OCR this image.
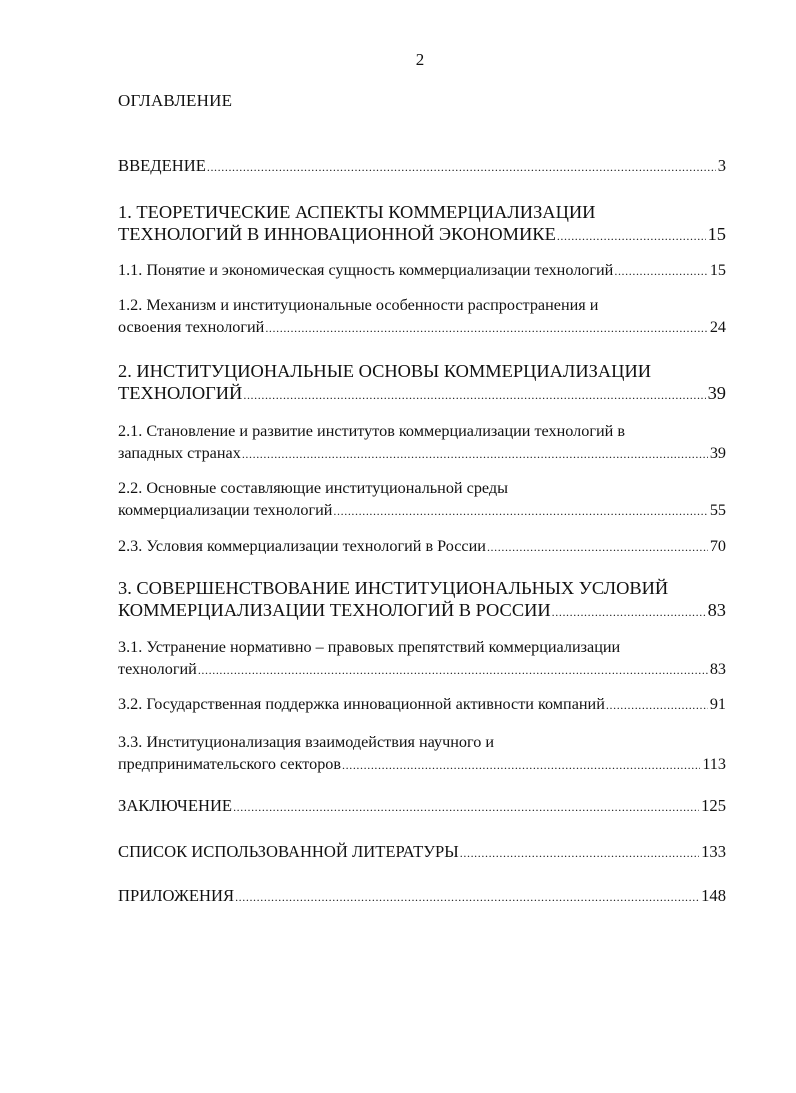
2
ОГЛАВЛЕНИЕ
ВВЕДЕНИЕ .....	3
1. ТЕОРЕТИЧЕСКИЕ АСПЕКТЫ КОММЕРЦИАЛИЗАЦИИ
ТЕХНОЛОГИЙ В ИННОВАЦИОННОЙ ЭКОНОМИКЕ .....	15
1.1. Понятие и экономическая сущность коммерциализации технологий .....	15
1.2. Механизм и институциональные особенности распространения и
освоения технологий .....	24
2. ИНСТИТУЦИОНАЛЬНЫЕ ОСНОВЫ КОММЕРЦИАЛИЗАЦИИ
ТЕХНОЛОГИЙ .....	39
2.1. Становление и развитие институтов коммерциализации технологий в
западных странах .....	39
2.2. Основные составляющие институциональной среды
коммерциализации технологий .....	55
2.3. Условия коммерциализации технологий в России .....	70
3. СОВЕРШЕНСТВОВАНИЕ ИНСТИТУЦИОНАЛЬНЫХ УСЛОВИЙ
КОММЕРЦИАЛИЗАЦИИ ТЕХНОЛОГИЙ В РОССИИ .....	83
3.1. Устранение нормативно – правовых препятствий коммерциализации
технологий .....	83
3.2. Государственная поддержка инновационной активности компаний .....	91
3.3. Институционализация взаимодействия научного и
предпринимательского секторов .....	113
ЗАКЛЮЧЕНИЕ .....	125
СПИСОК ИСПОЛЬЗОВАННОЙ ЛИТЕРАТУРЫ .....	133
ПРИЛОЖЕНИЯ .....	148
